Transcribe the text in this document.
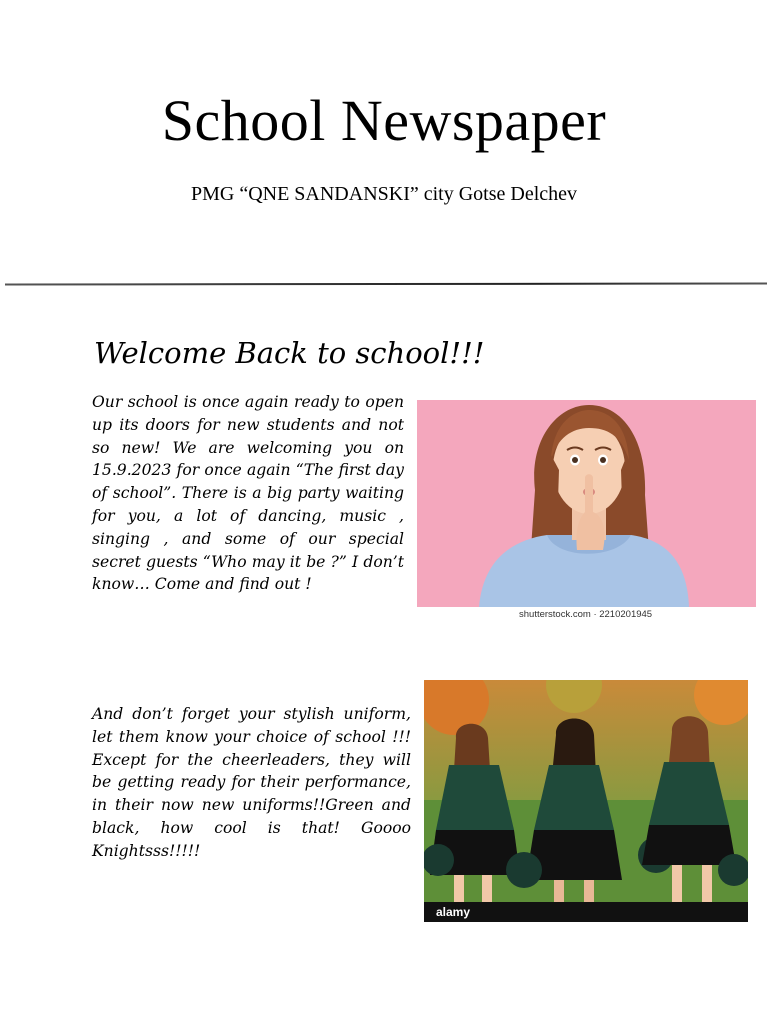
School Newspaper
PMG “QNE SANDANSKI” city Gotse Delchev
Welcome Back to school!!!

Our school is once again ready to open up its doors for new students and not so new! We are welcoming you on 15.9.2023 for once again “The first day of school”. There is a big party waiting for you, a lot of dancing, music , singing , and some of our special secret guests “Who may it be ?” I don’t know… Come and find out !

shutterstock.com · 2210201945

And don’t forget your stylish uniform, let them know your choice of school !!! Except for the cheerleaders, they will be getting ready for their performance, in their now new uniforms!!Green and black, how cool is that! Goooo Knightsss!!!!!

alamy
